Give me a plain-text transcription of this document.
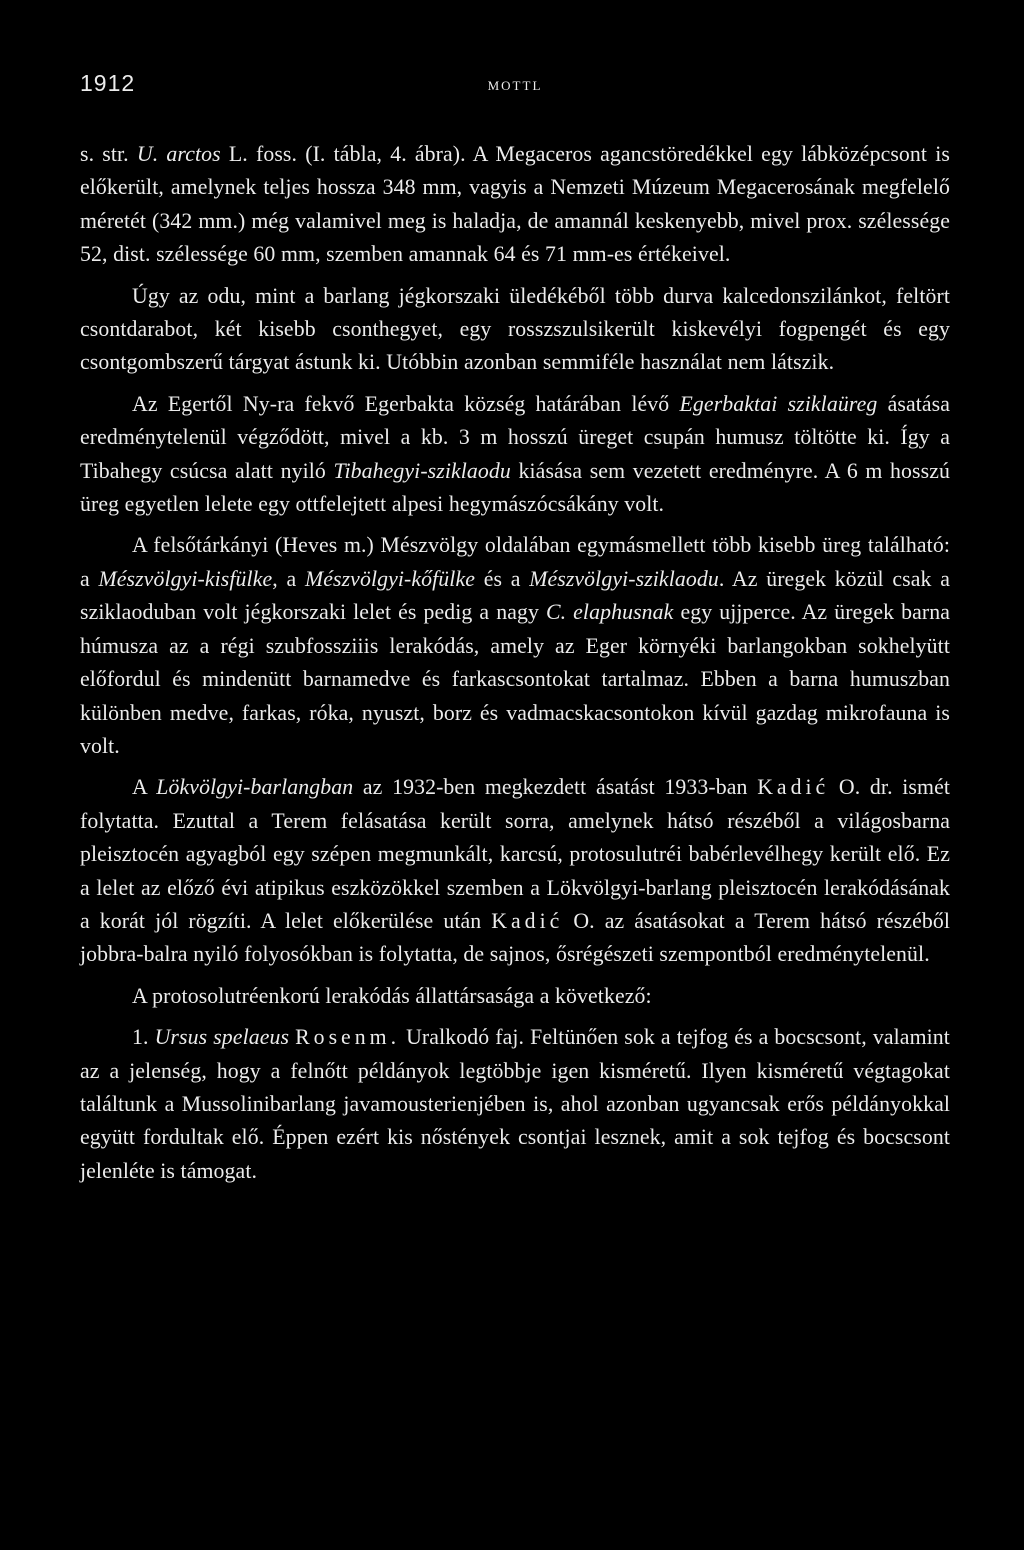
1912	MOTTL

s. str. U. arctos L. foss. (I. tábla, 4. ábra). A Megaceros agancstöredékkel egy lábközépcsont is előkerült, amelynek teljes hossza 348 mm, vagyis a Nemzeti Múzeum Megacerosának megfelelő méretét (342 mm.) még valamivel meg is haladja, de amannál keskenyebb, mivel prox. szélessége 52, dist. szélessége 60 mm, szemben amannak 64 és 71 mm-es értékeivel.

Úgy az odu, mint a barlang jégkorszaki üledékéből több durva kalcedonszilánkot, feltört csontdarabot, két kisebb csonthegyet, egy rosszszulsikerült kiskevélyi fogpengét és egy csontgombszerű tárgyat ástunk ki. Utóbbin azonban semmiféle használat nem látszik.

Az Egertől Ny-ra fekvő Egerbakta község határában lévő Egerbaktai sziklaüreg ásatása eredménytelenül végződött, mivel a kb. 3 m hosszú üreget csupán humusz töltötte ki. Így a Tibahegy csúcsa alatt nyiló Tibahegyi-sziklaodu kiásása sem vezetett eredményre. A 6 m hosszú üreg egyetlen lelete egy ottfelejtett alpesi hegymászócsákány volt.

A felsőtárkányi (Heves m.) Mészvölgy oldalában egymásmellett több kisebb üreg található: a Mészvölgyi-kisfülke, a Mészvölgyi-kőfülke és a Mészvölgyi-sziklaodu. Az üregek közül csak a sziklaoduban volt jégkorszaki lelet és pedig a nagy C. elaphusnak egy ujjperce. Az üregek barna húmusza az a régi szubfossziiis lerakódás, amely az Eger környéki barlangokban sokhelyütt előfordul és mindenütt barnamedve és farkascsontokat tartalmaz. Ebben a barna humuszban különben medve, farkas, róka, nyuszt, borz és vadmacskacsontokon kívül gazdag mikrofauna is volt.

A Lökvölgyi-barlangban az 1932-ben megkezdett ásatást 1933-ban Kadić O. dr. ismét folytatta. Ezuttal a Terem felásatása került sorra, amelynek hátsó részéből a világosbarna pleisztocén agyagból egy szépen megmunkált, karcsú, protosulutréi babérlevélhegy került elő. Ez a lelet az előző évi atipikus eszközökkel szemben a Lökvölgyi-barlang pleisztocén lerakódásának a korát jól rögzíti. A lelet előkerülése után Kadić O. az ásatásokat a Terem hátsó részéből jobbra-balra nyiló folyosókban is folytatta, de sajnos, ősrégészeti szempontból eredménytelenül.

A protosolutréenkorú lerakódás állattársasága a következő:

1. Ursus spelaeus Rosenm. Uralkodó faj. Feltünően sok a tejfog és a bocscsont, valamint az a jelenség, hogy a felnőtt példányok legtöbbje igen kisméretű. Ilyen kisméretű végtagokat találtunk a Mussolinibarlang javamousterienjében is, ahol azonban ugyancsak erős példányokkal együtt fordultak elő. Éppen ezért kis nőstények csontjai lesznek, amit a sok tejfog és bocscsont jelenléte is támogat.
